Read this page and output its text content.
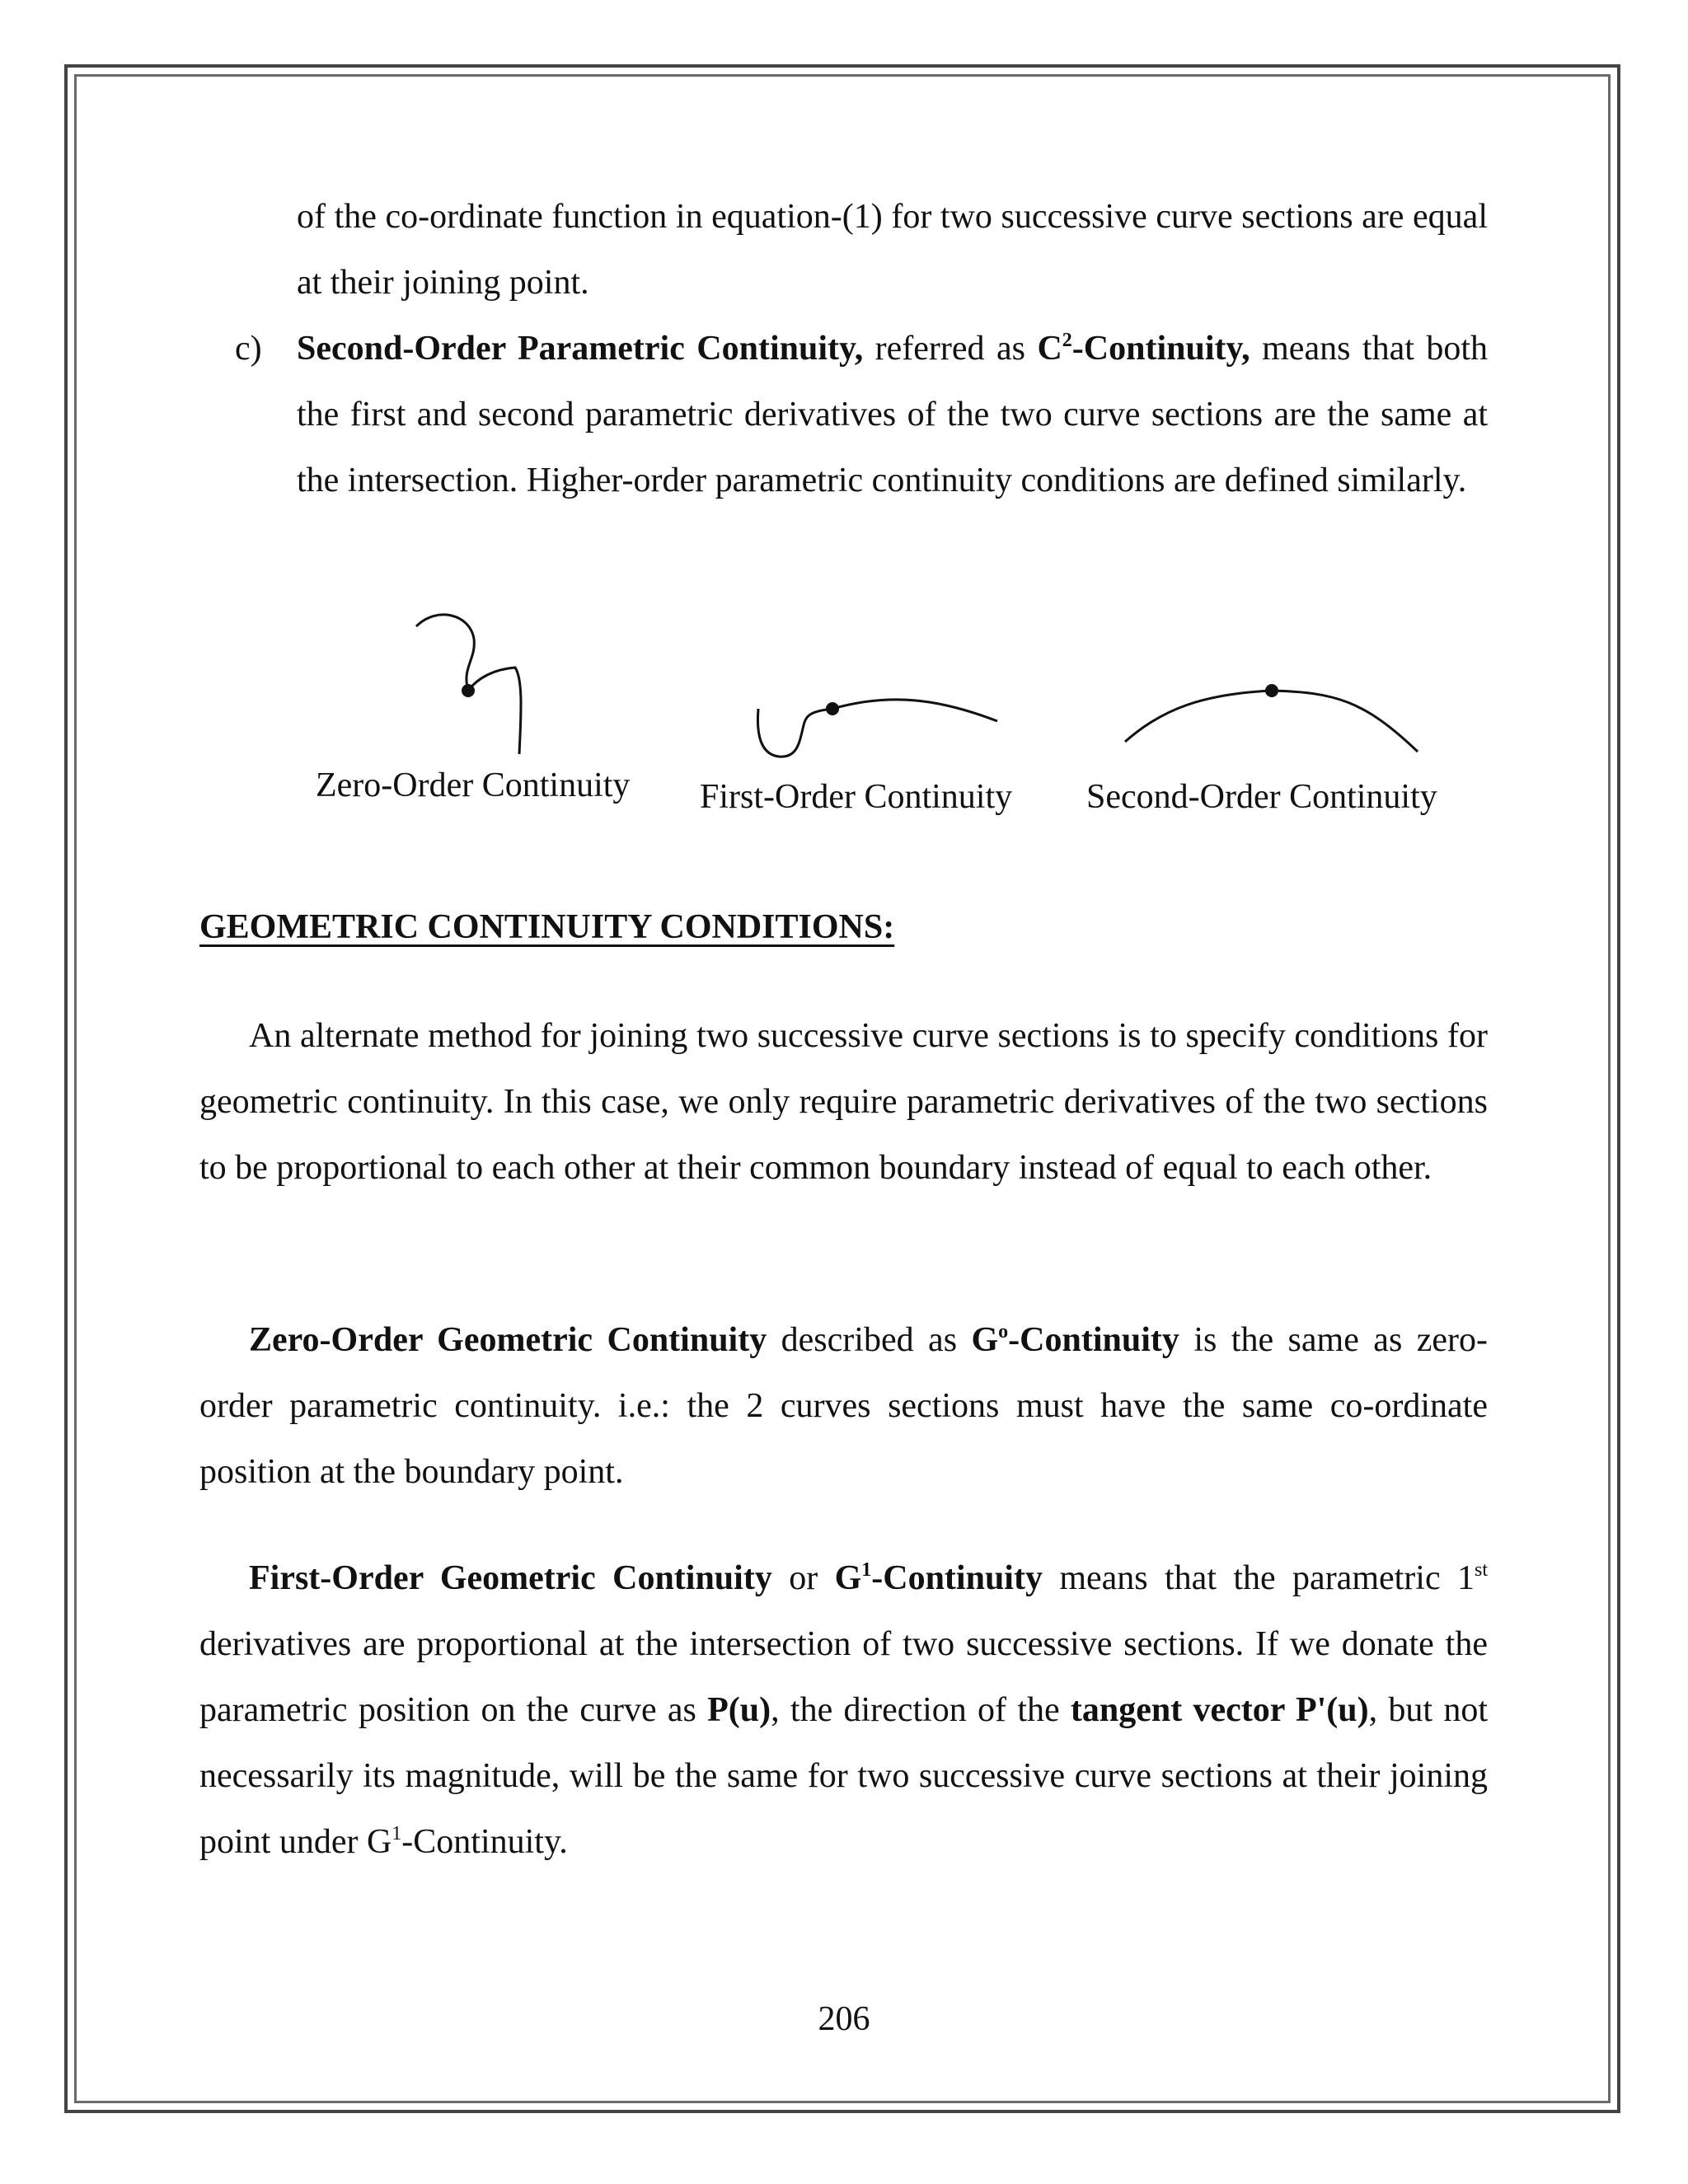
of the co-ordinate function in equation-(1) for two successive curve sections are equal at their joining point.

c) Second-Order Parametric Continuity, referred as $C^2$-Continuity, means that both the first and second parametric derivatives of the two curve sections are the same at the intersection. Higher-order parametric continuity conditions are defined similarly.

Zero-Order Continuity First-Order Continuity Second-Order Continuity

GEOMETRIC CONTINUITY CONDITIONS:

An alternate method for joining two successive curve sections is to specify conditions for geometric continuity. In this case, we only require parametric derivatives of the two sections to be proportional to each other at their common boundary instead of equal to each other.

Zero-Order Geometric Continuity described as $G^o$-Continuity is the same as zero-order parametric continuity. i.e.: the 2 curves sections must have the same co-ordinate position at the boundary point.

First-Order Geometric Continuity or $G^1$-Continuity means that the parametric 1st derivatives are proportional at the intersection of two successive sections. If we donate the parametric position on the curve as P(u), the direction of the tangent vector P'(u), but not necessarily its magnitude, will be the same for two successive curve sections at their joining point under $G^1$-Continuity.

206
